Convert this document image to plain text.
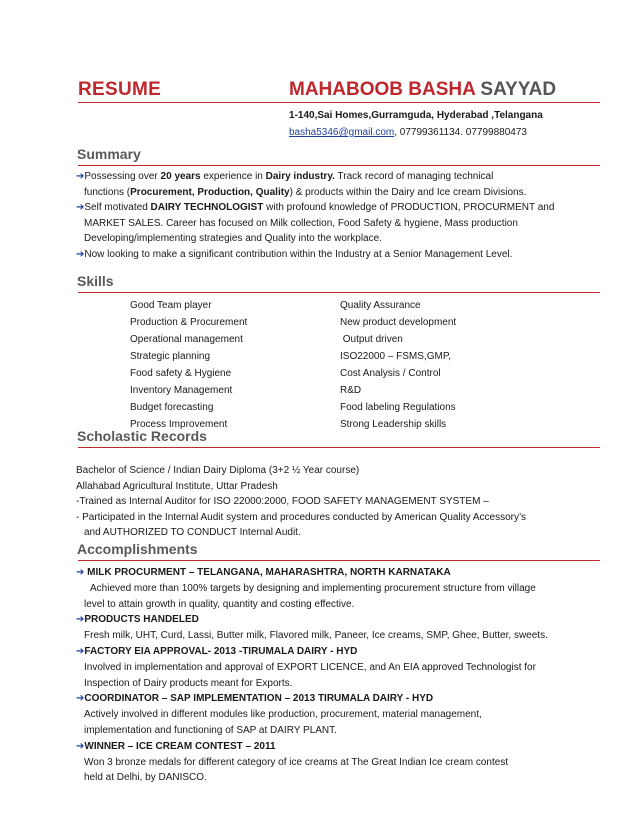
RESUME	MAHABOOB BASHA SAYYAD
1-140,Sai Homes,Gurramguda, Hyderabad ,Telangana
basha5346@gmail.com, 07799361134. 07799880473
Summary
➔Possessing over 20 years experience in Dairy industry. Track record of managing technical
functions (Procurement, Production, Quality) & products within the Dairy and Ice cream Divisions.
➔Self motivated DAIRY TECHNOLOGIST with profound knowledge of PRODUCTION, PROCURMENT and
MARKET SALES. Career has focused on Milk collection, Food Safety & hygiene, Mass production
Developing/implementing strategies and Quality into the workplace.
➔Now looking to make a significant contribution within the Industry at a Senior Management Level.
Skills
Good Team player
Production & Procurement
Operational management
Strategic planning
Food safety & Hygiene
Inventory Management
Budget forecasting
Process Improvement
Quality Assurance
New product development
Output driven
ISO22000 – FSMS,GMP,
Cost Analysis / Control
R&D
Food labeling Regulations
Strong Leadership skills
Scholastic Records
Bachelor of Science / Indian Dairy Diploma (3+2 ½ Year course)
Allahabad Agricultural Institute, Uttar Pradesh
-Trained as Internal Auditor for ISO 22000:2000, FOOD SAFETY MANAGEMENT SYSTEM –
- Participated in the Internal Audit system and procedures conducted by American Quality Accessory’s
and AUTHORIZED TO CONDUCT Internal Audit.
Accomplishments
➔ MILK PROCURMENT – TELANGANA, MAHARASHTRA, NORTH KARNATAKA
Achieved more than 100% targets by designing and implementing procurement structure from village
level to attain growth in quality, quantity and costing effective.
➔PRODUCTS HANDELED
Fresh milk, UHT, Curd, Lassi, Butter milk, Flavored milk, Paneer, Ice creams, SMP, Ghee, Butter, sweets.
➔FACTORY EIA APPROVAL- 2013 -TIRUMALA DAIRY - HYD
Involved in implementation and approval of EXPORT LICENCE, and An EIA approved Technologist for
Inspection of Dairy products meant for Exports.
➔COORDINATOR – SAP IMPLEMENTATION – 2013 TIRUMALA DAIRY - HYD
Actively involved in different modules like production, procurement, material management,
implementation and functioning of SAP at DAIRY PLANT.
➔WINNER – ICE CREAM CONTEST – 2011
Won 3 bronze medals for different category of ice creams at The Great Indian Ice cream contest
held at Delhi, by DANISCO.
